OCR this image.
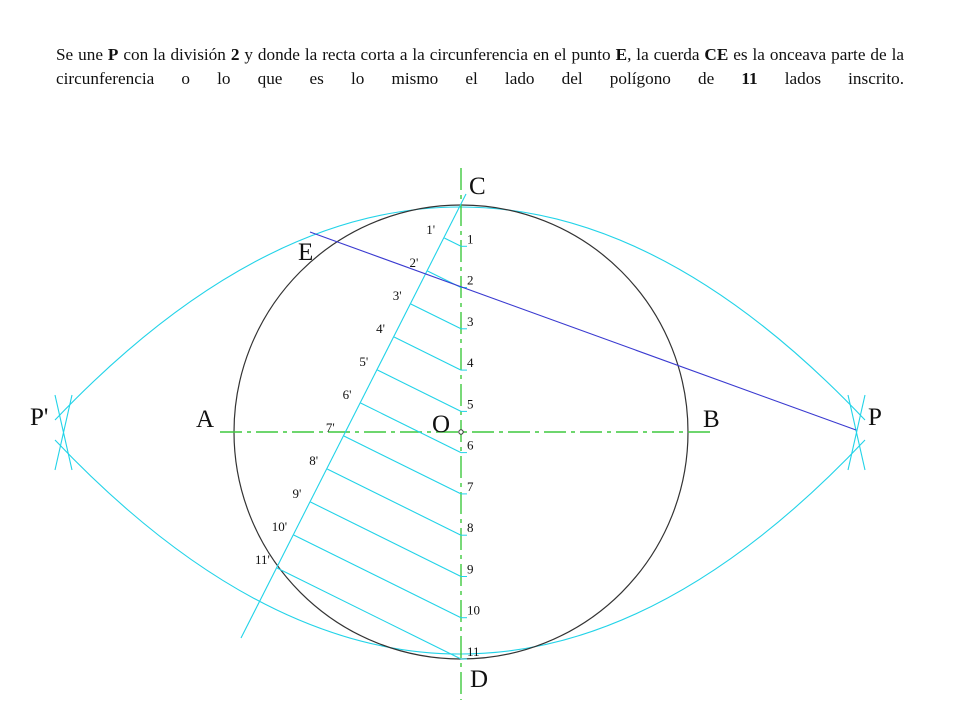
Se une P con la división 2 y donde la recta corta a la circunferencia en el punto E, la cuerda CE es la onceava parte de la circunferencia o lo que es lo mismo el lado del polígono de 11 lados inscrito.
C
D
A	B
O
E
P
P'
1
1'
2
2'
3
3'
4
4'
5
5'
6
6'
7
7'
8
8'
9
9'
10
10'
11
11'
